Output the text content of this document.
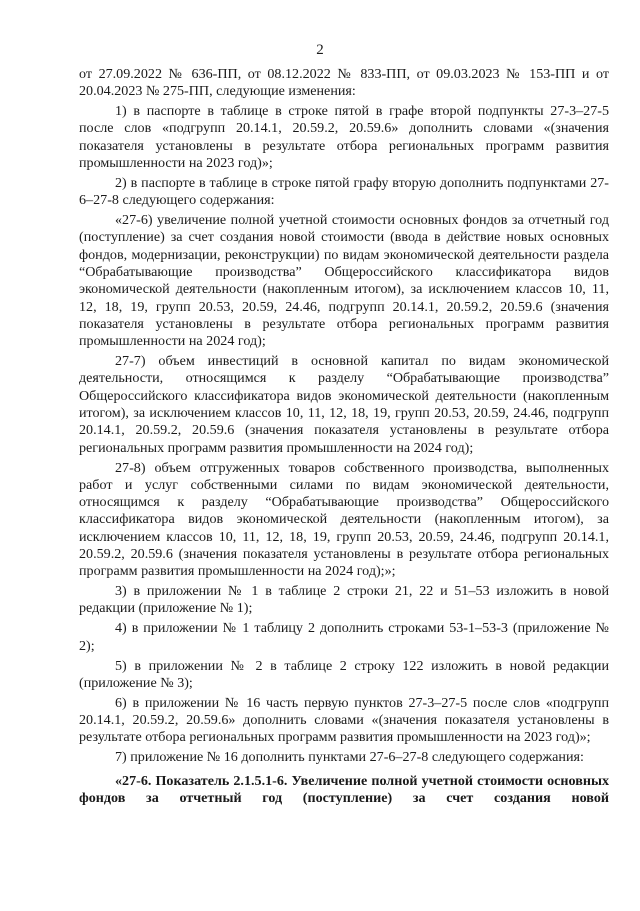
2

от 27.09.2022 № 636-ПП, от 08.12.2022 № 833-ПП, от 09.03.2023 № 153-ПП и от 20.04.2023 № 275-ПП, следующие изменения:

1) в паспорте в таблице в строке пятой в графе второй подпункты 27-3–27-5 после слов «подгрупп 20.14.1, 20.59.2, 20.59.6» дополнить словами «(значения показателя установлены в результате отбора региональных программ развития промышленности на 2023 год)»;

2) в паспорте в таблице в строке пятой графу вторую дополнить подпунктами 27-6–27-8 следующего содержания:

«27-6) увеличение полной учетной стоимости основных фондов за отчетный год (поступление) за счет создания новой стоимости (ввода в действие новых основных фондов, модернизации, реконструкции) по видам экономической деятельности раздела “Обрабатывающие производства” Общероссийского классификатора видов экономической деятельности (накопленным итогом), за исключением классов 10, 11, 12, 18, 19, групп 20.53, 20.59, 24.46, подгрупп 20.14.1, 20.59.2, 20.59.6 (значения показателя установлены в результате отбора региональных программ развития промышленности на 2024 год);

27-7) объем инвестиций в основной капитал по видам экономической деятельности, относящимся к разделу “Обрабатывающие производства” Общероссийского классификатора видов экономической деятельности (накопленным итогом), за исключением классов 10, 11, 12, 18, 19, групп 20.53, 20.59, 24.46, подгрупп 20.14.1, 20.59.2, 20.59.6 (значения показателя установлены в результате отбора региональных программ развития промышленности на 2024 год);

27-8) объем отгруженных товаров собственного производства, выполненных работ и услуг собственными силами по видам экономической деятельности, относящимся к разделу “Обрабатывающие производства” Общероссийского классификатора видов экономической деятельности (накопленным итогом), за исключением классов 10, 11, 12, 18, 19, групп 20.53, 20.59, 24.46, подгрупп 20.14.1, 20.59.2, 20.59.6 (значения показателя установлены в результате отбора региональных программ развития промышленности на 2024 год);»;

3) в приложении № 1 в таблице 2 строки 21, 22 и 51–53 изложить в новой редакции (приложение № 1);

4) в приложении № 1 таблицу 2 дополнить строками 53-1–53-3 (приложение № 2);

5) в приложении № 2 в таблице 2 строку 122 изложить в новой редакции (приложение № 3);

6) в приложении № 16 часть первую пунктов 27-3–27-5 после слов «подгрупп 20.14.1, 20.59.2, 20.59.6» дополнить словами «(значения показателя установлены в результате отбора региональных программ развития промышленности на 2023 год)»;

7) приложение № 16 дополнить пунктами 27-6–27-8 следующего содержания:

«27-6. Показатель 2.1.5.1-6. Увеличение полной учетной стоимости основных фондов за отчетный год (поступление) за счет создания новой
